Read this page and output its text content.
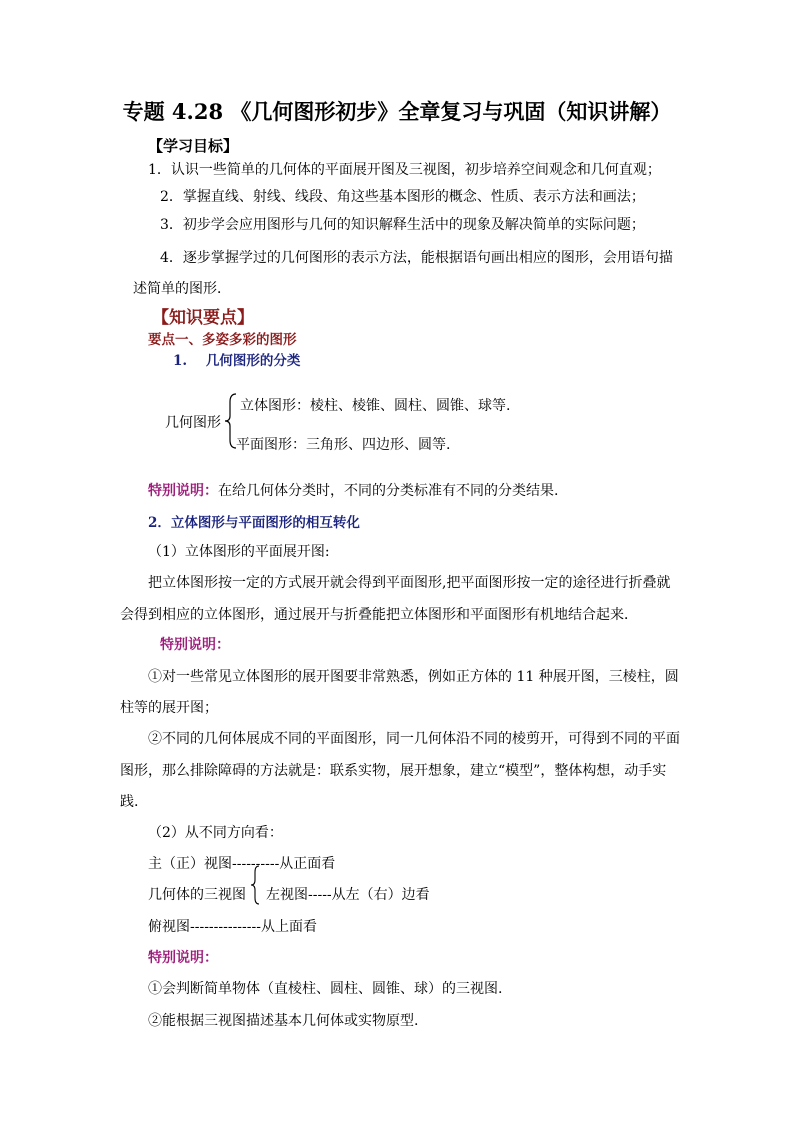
专题 4.28 《几何图形初步》全章复习与巩固（知识讲解）
【学习目标】
1．认识一些简单的几何体的平面展开图及三视图，初步培养空间观念和几何直观；
2．掌握直线、射线、线段、角这些基本图形的概念、性质、表示方法和画法；
3．初步学会应用图形与几何的知识解释生活中的现象及解决简单的实际问题；
4．逐步掌握学过的几何图形的表示方法，能根据语句画出相应的图形，会用语句描
述简单的图形．
【知识要点】
要点一、多姿多彩的图形
1.    几何图形的分类
几何图形
立体图形：棱柱、棱锥、圆柱、圆锥、球等.
平面图形：三角形、四边形、圆等.
特别说明：在给几何体分类时，不同的分类标准有不同的分类结果.
2．立体图形与平面图形的相互转化
（1）立体图形的平面展开图:
把立体图形按一定的方式展开就会得到平面图形,把平面图形按一定的途径进行折叠就
会得到相应的立体图形，通过展开与折叠能把立体图形和平面图形有机地结合起来．
特别说明：
①对一些常见立体图形的展开图要非常熟悉，例如正方体的 11 种展开图，三棱柱，圆
柱等的展开图；
②不同的几何体展成不同的平面图形，同一几何体沿不同的棱剪开，可得到不同的平面
图形，那么排除障碍的方法就是：联系实物，展开想象，建立“模型”，整体构想，动手实
践.
（2）从不同方向看：
主（正）视图----------从正面看
几何体的三视图 左视图-----从左（右）边看
俯视图---------------从上面看
特别说明：
①会判断简单物体（直棱柱、圆柱、圆锥、球）的三视图.
②能根据三视图描述基本几何体或实物原型.
